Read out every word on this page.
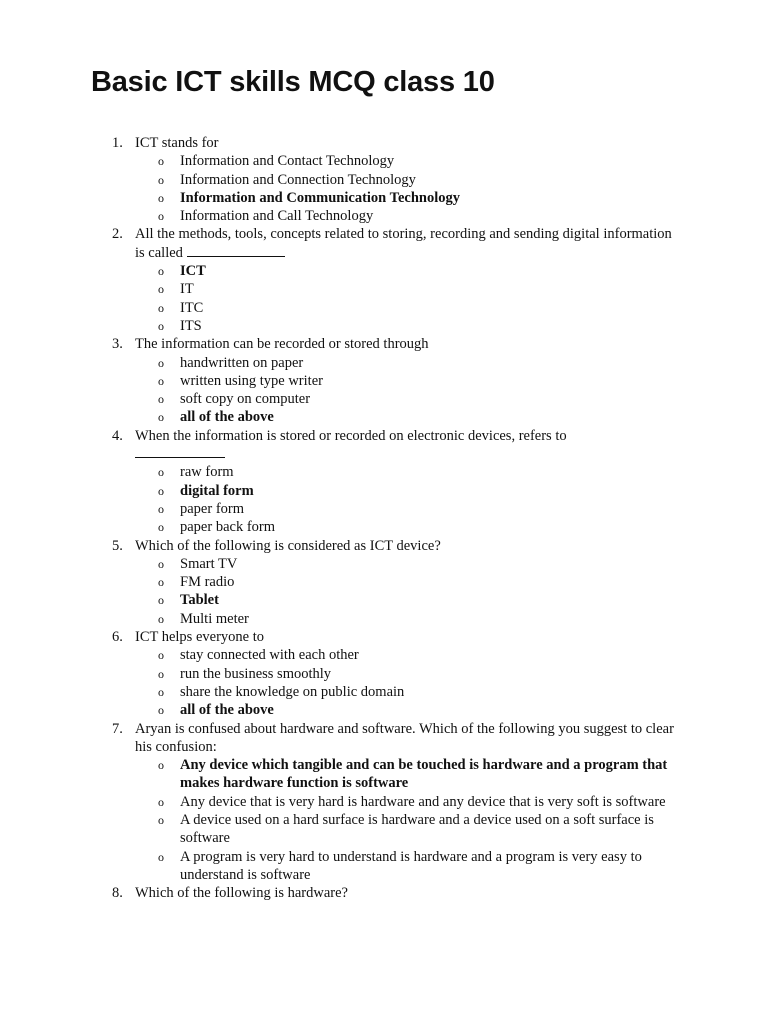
Basic ICT skills MCQ class 10
1. ICT stands for
o Information and Contact Technology
o Information and Connection Technology
o Information and Communication Technology
o Information and Call Technology
2. All the methods, tools, concepts related to storing, recording and sending digital information is called
o ICT
o IT
o ITC
o ITS
3. The information can be recorded or stored through
o handwritten on paper
o written using type writer
o soft copy on computer
o all of the above
4. When the information is stored or recorded on electronic devices, refers to

o raw form
o digital form
o paper form
o paper back form
5. Which of the following is considered as ICT device?
o Smart TV
o FM radio
o Tablet
o Multi meter
6. ICT helps everyone to
o stay connected with each other
o run the business smoothly
o share the knowledge on public domain
o all of the above
7. Aryan is confused about hardware and software. Which of the following you suggest to clear his confusion:
o Any device which tangible and can be touched is hardware and a program that makes hardware function is software
o Any device that is very hard is hardware and any device that is very soft is software
o A device used on a hard surface is hardware and a device used on a soft surface is software
o A program is very hard to understand is hardware and a program is very easy to understand is software
8. Which of the following is hardware?
